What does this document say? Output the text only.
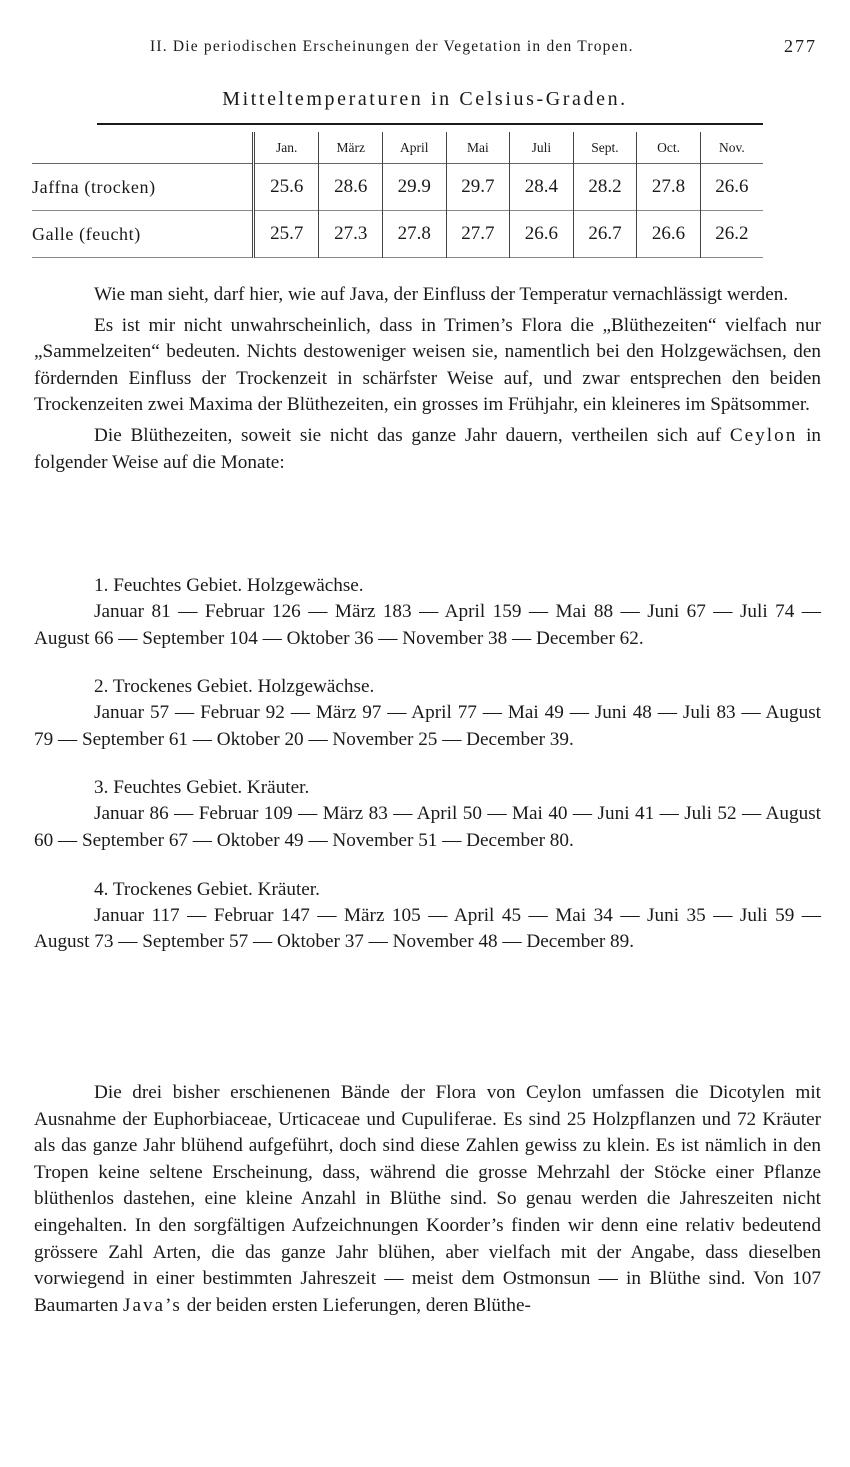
II. Die periodischen Erscheinungen der Vegetation in den Tropen.	277
Mitteltemperaturen in Celsius-Graden.
	Jan.	März	April	Mai	Juli	Sept.	Oct.	Nov.
Jaffna (trocken)	25.6	28.6	29.9	29.7	28.4	28.2	27.8	26.6
Galle (feucht)	25.7	27.3	27.8	27.7	26.6	26.7	26.6	26.2

Wie man sieht, darf hier, wie auf Java, der Einfluss der Temperatur vernachlässigt werden.

Es ist mir nicht unwahrscheinlich, dass in Trimen’s Flora die „Blüthezeiten“ vielfach nur „Sammelzeiten“ bedeuten. Nichts destoweniger weisen sie, namentlich bei den Holzgewächsen, den fördernden Einfluss der Trockenzeit in schärfster Weise auf, und zwar entsprechen den beiden Trockenzeiten zwei Maxima der Blüthezeiten, ein grosses im Frühjahr, ein kleineres im Spätsommer.

Die Blüthezeiten, soweit sie nicht das ganze Jahr dauern, vertheilen sich auf Ceylon in folgender Weise auf die Monate:

1. Feuchtes Gebiet. Holzgewächse.

Januar 81 — Februar 126 — März 183 — April 159 — Mai 88 — Juni 67 — Juli 74 — August 66 — September 104 — Oktober 36 — November 38 — December 62.

2. Trockenes Gebiet. Holzgewächse.

Januar 57 — Februar 92 — März 97 — April 77 — Mai 49 — Juni 48 — Juli 83 — August 79 — September 61 — Oktober 20 — November 25 — December 39.

3. Feuchtes Gebiet. Kräuter.

Januar 86 — Februar 109 — März 83 — April 50 — Mai 40 — Juni 41 — Juli 52 — August 60 — September 67 — Oktober 49 — November 51 — December 80.

4. Trockenes Gebiet. Kräuter.

Januar 117 — Februar 147 — März 105 — April 45 — Mai 34 — Juni 35 — Juli 59 — August 73 — September 57 — Oktober 37 — November 48 — December 89.

Die drei bisher erschienenen Bände der Flora von Ceylon umfassen die Dicotylen mit Ausnahme der Euphorbiaceae, Urticaceae und Cupuliferae. Es sind 25 Holzpflanzen und 72 Kräuter als das ganze Jahr blühend aufgeführt, doch sind diese Zahlen gewiss zu klein. Es ist nämlich in den Tropen keine seltene Erscheinung, dass, während die grosse Mehrzahl der Stöcke einer Pflanze blüthenlos dastehen, eine kleine Anzahl in Blüthe sind. So genau werden die Jahreszeiten nicht eingehalten. In den sorgfältigen Aufzeichnungen Koorder’s finden wir denn eine relativ bedeutend grössere Zahl Arten, die das ganze Jahr blühen, aber vielfach mit der Angabe, dass dieselben vorwiegend in einer bestimmten Jahreszeit — meist dem Ostmonsun — in Blüthe sind. Von 107 Baumarten Java’s der beiden ersten Lieferungen, deren Blüthe-
